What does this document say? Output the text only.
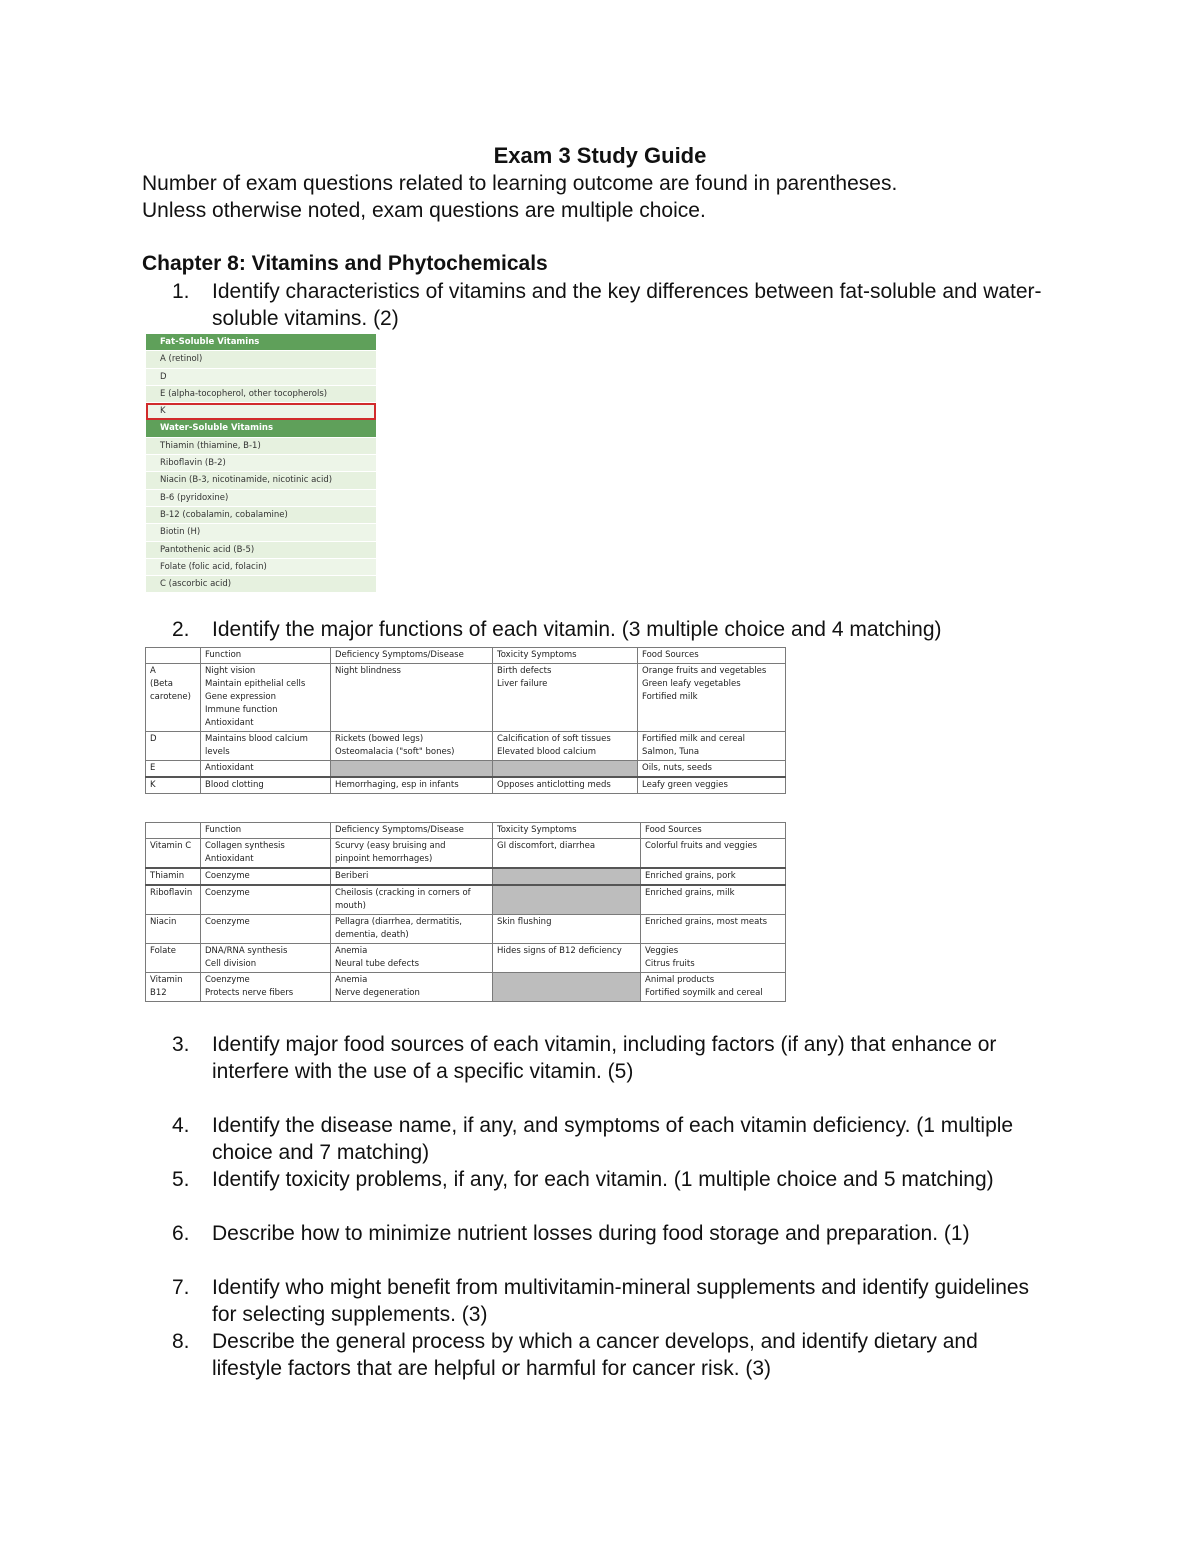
Exam 3 Study Guide
Number of exam questions related to learning outcome are found in parentheses.
Unless otherwise noted, exam questions are multiple choice.
Chapter 8: Vitamins and Phytochemicals
1.	Identify characteristics of vitamins and the key differences between fat-soluble and water-soluble vitamins. (2)
Fat-Soluble Vitamins
A (retinol)
D
E (alpha-tocopherol, other tocopherols)
K
Water-Soluble Vitamins
Thiamin (thiamine, B-1)
Riboflavin (B-2)
Niacin (B-3, nicotinamide, nicotinic acid)
B-6 (pyridoxine)
B-12 (cobalamin, cobalamine)
Biotin (H)
Pantothenic acid (B-5)
Folate (folic acid, folacin)
C (ascorbic acid)
2.	Identify the major functions of each vitamin. (3 multiple choice and 4 matching)
	Function	Deficiency Symptoms/Disease	Toxicity Symptoms	Food Sources
A
(Beta
carotene)	Night vision
Maintain epithelial cells
Gene expression
Immune function
Antioxidant	Night blindness	Birth defects
Liver failure	Orange fruits and vegetables
Green leafy vegetables
Fortified milk
D	Maintains blood calcium
levels	Rickets (bowed legs)
Osteomalacia ("soft" bones)	Calcification of soft tissues
Elevated blood calcium	Fortified milk and cereal
Salmon, Tuna
E	Antioxidant			Oils, nuts, seeds
K	Blood clotting	Hemorrhaging, esp in infants	Opposes anticlotting meds	Leafy green veggies
	Function	Deficiency Symptoms/Disease	Toxicity Symptoms	Food Sources
Vitamin C	Collagen synthesis
Antioxidant	Scurvy (easy bruising and
pinpoint hemorrhages)	GI discomfort, diarrhea	Colorful fruits and veggies
Thiamin	Coenzyme	Beriberi		Enriched grains, pork
Riboflavin	Coenzyme	Cheilosis (cracking in corners of
mouth)		Enriched grains, milk
Niacin	Coenzyme	Pellagra (diarrhea, dermatitis,
dementia, death)	Skin flushing	Enriched grains, most meats
Folate	DNA/RNA synthesis
Cell division	Anemia
Neural tube defects	Hides signs of B12 deficiency	Veggies
Citrus fruits
Vitamin
B12	Coenzyme
Protects nerve fibers	Anemia
Nerve degeneration		Animal products
Fortified soymilk and cereal
3.	Identify major food sources of each vitamin, including factors (if any) that enhance or interfere with the use of a specific vitamin. (5)
4.	Identify the disease name, if any, and symptoms of each vitamin deficiency. (1 multiple choice and 7 matching)
5.	Identify toxicity problems, if any, for each vitamin. (1 multiple choice and 5 matching)
6.	Describe how to minimize nutrient losses during food storage and preparation. (1)
7.	Identify who might benefit from multivitamin-mineral supplements and identify guidelines for selecting supplements. (3)
8.	Describe the general process by which a cancer develops, and identify dietary and lifestyle factors that are helpful or harmful for cancer risk. (3)
